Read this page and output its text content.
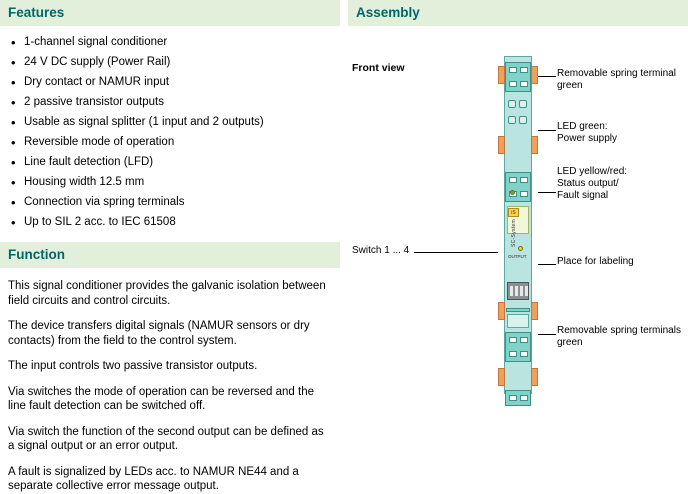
Features
• 1-channel signal conditioner
• 24 V DC supply (Power Rail)
• Dry contact or NAMUR input
• 2 passive transistor outputs
• Usable as signal splitter (1 input and 2 outputs)
• Reversible mode of operation
• Line fault detection (LFD)
• Housing width 12.5 mm
• Connection via spring terminals
• Up to SIL 2 acc. to IEC 61508
Function

This signal conditioner provides the galvanic isolation between field circuits and control circuits.

The device transfers digital signals (NAMUR sensors or dry contacts) from the field to the control system.

The input controls two passive transistor outputs.

Via switches the mode of operation can be reversed and the line fault detection can be switched off.

Via switch the function of the second output can be defined as a signal output or an error output.

A fault is signalized by LEDs acc. to NAMUR NE44 and a separate collective error message output.

Assembly
Front view
Switch 1 ... 4
iS
SC-System
OUTPUT
Removable spring terminal
green
LED green:
Power supply
LED yellow/red:
Status output/
Fault signal
Place for labeling
Removable spring terminals
green
